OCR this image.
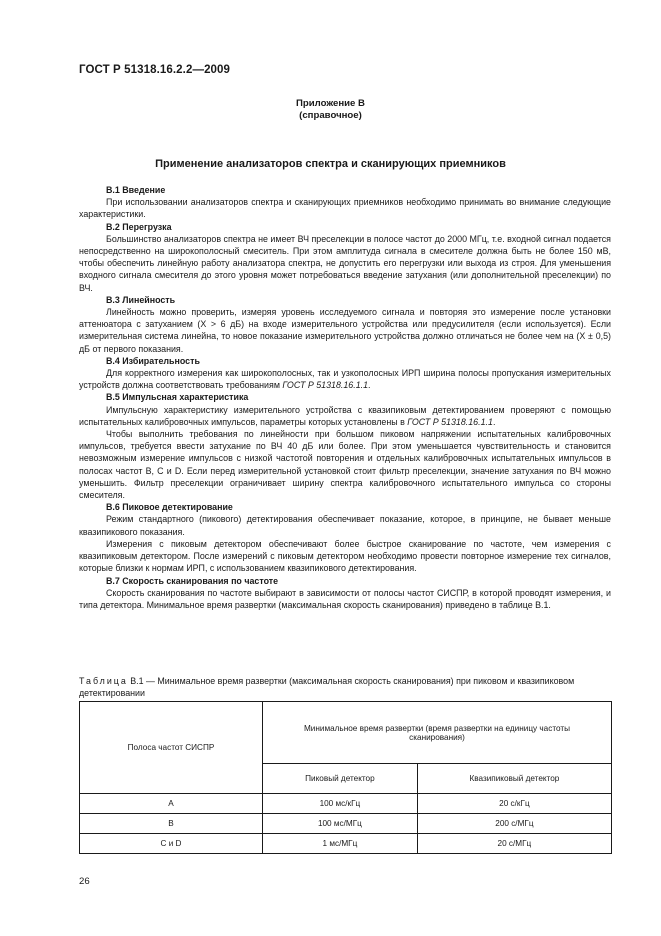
ГОСТ Р 51318.16.2.2—2009
Приложение В
(справочное)
Применение анализаторов спектра и сканирующих приемников

В.1 Введение

При использовании анализаторов спектра и сканирующих приемников необходимо принимать во внимание следующие характеристики.

В.2 Перегрузка

Большинство анализаторов спектра не имеет ВЧ преселекции в полосе частот до 2000 МГц, т.е. входной сигнал подается непосредственно на широкополосный смеситель. При этом амплитуда сигнала в смесителе должна быть не более 150 мВ, чтобы обеспечить линейную работу анализатора спектра, не допустить его перегрузки или выхода из строя. Для уменьшения входного сигнала смесителя до этого уровня может потребоваться введение затухания (или дополнительной преселекции) по ВЧ.

В.3 Линейность

Линейность можно проверить, измеряя уровень исследуемого сигнала и повторяя это измерение после установки аттенюатора с затуханием (X > 6 дБ) на входе измерительного устройства или предусилителя (если используется). Если измерительная система линейна, то новое показание измерительного устройства должно отличаться не более чем на (X ± 0,5) дБ от первого показания.

В.4 Избирательность

Для корректного измерения как широкополосных, так и узкополосных ИРП ширина полосы пропускания измерительных устройств должна соответствовать требованиям ГОСТ Р 51318.16.1.1.

В.5 Импульсная характеристика

Импульсную характеристику измерительного устройства с квазипиковым детектированием проверяют с помощью испытательных калибровочных импульсов, параметры которых установлены в ГОСТ Р 51318.16.1.1.

Чтобы выполнить требования по линейности при большом пиковом напряжении испытательных калибровочных импульсов, требуется ввести затухание по ВЧ 40 дБ или более. При этом уменьшается чувствительность и становится невозможным измерение импульсов с низкой частотой повторения и отдельных калибровочных испытательных импульсов в полосах частот В, С и D. Если перед измерительной установкой стоит фильтр преселекции, значение затухания по ВЧ можно уменьшить. Фильтр преселекции ограничивает ширину спектра калибровочного испытательного импульса со стороны смесителя.

В.6 Пиковое детектирование

Режим стандартного (пикового) детектирования обеспечивает показание, которое, в принципе, не бывает меньше квазипикового показания.

Измерения с пиковым детектором обеспечивают более быстрое сканирование по частоте, чем измерения с квазипиковым детектором. После измерений с пиковым детектором необходимо провести повторное измерение тех сигналов, которые близки к нормам ИРП, с использованием квазипикового детектирования.

В.7 Скорость сканирования по частоте

Скорость сканирования по частоте выбирают в зависимости от полосы частот СИСПР, в которой проводят измерения, и типа детектора. Минимальное время развертки (максимальная скорость сканирования) приведено в таблице В.1.

Таблица В.1 — Минимальное время развертки (максимальная скорость сканирования) при пиковом и квазипиковом детектировании
Полоса частот СИСПР	Минимальное время развертки (время развертки на единицу частоты сканирования)	
	Пиковый детектор	Квазипиковый детектор
А	100 мс/кГц	20 с/кГц
В	100 мс/МГц	200 с/МГц
С и D	1 мс/МГц	20 с/МГц
26
